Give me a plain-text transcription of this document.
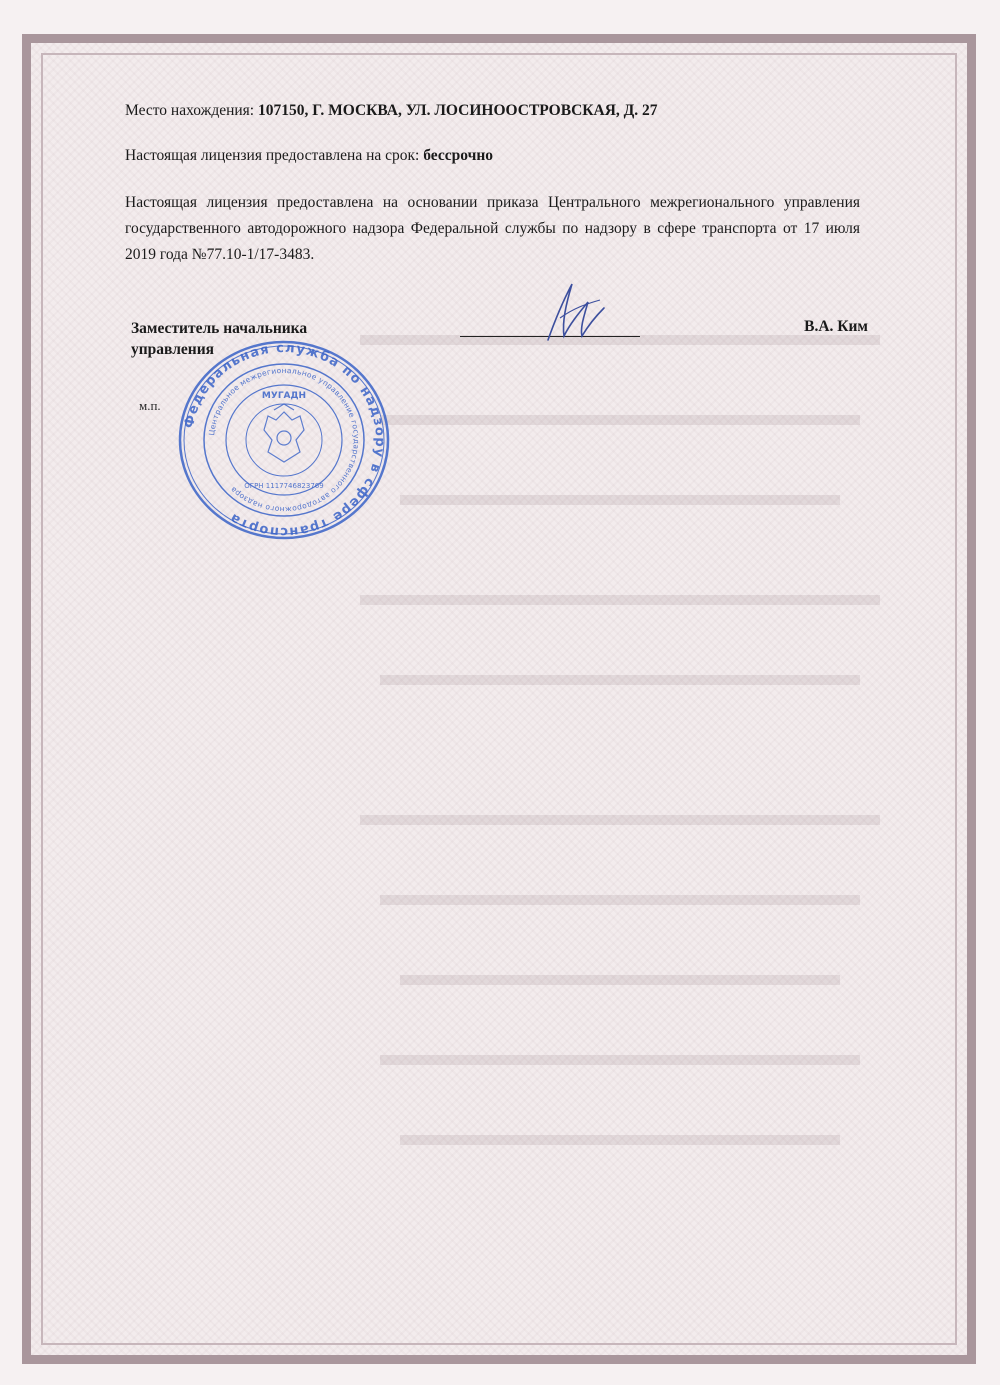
Место нахождения: 107150, Г. МОСКВА, УЛ. ЛОСИНООСТРОВСКАЯ, Д. 27
Настоящая лицензия предоставлена на срок: бессрочно
Настоящая лицензия предоставлена на основании приказа Центрального межрегионального управления государственного автодорожного надзора Федеральной службы по надзору в сфере транспорта от 17 июля 2019 года №77.10-1/17-3483.
Заместитель начальника
управления
В.А. Ким
м.п.
Федеральная служба по надзору в сфере транспорта
Центральное межрегиональное управление государственного автодорожного надзора
МУГАДН
ОГРН 1117746823769
